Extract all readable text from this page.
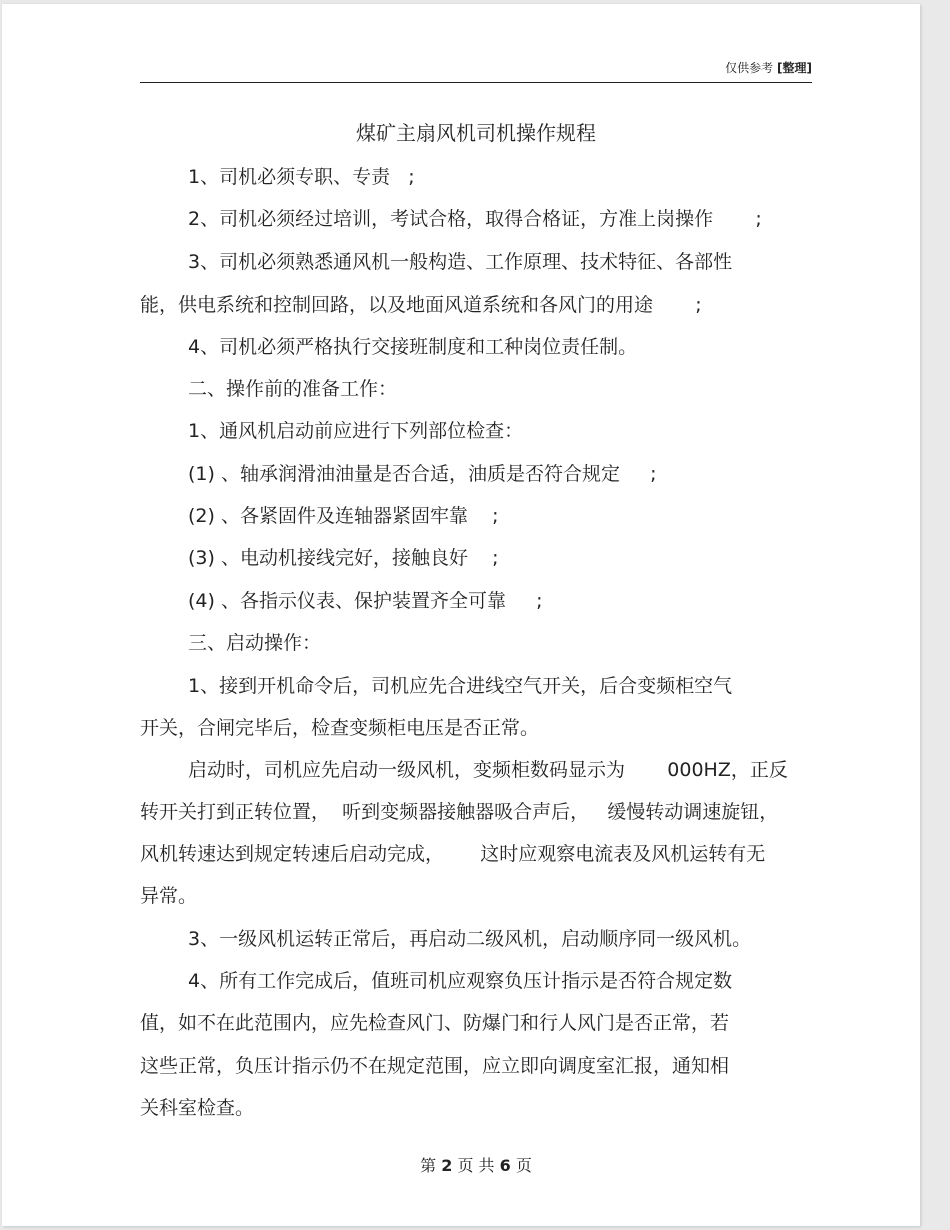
仅供参考 [整理]
煤矿主扇风机司机操作规程

1、司机必须专职、专责   ;

2、司机必须经过培训，考试合格，取得合格证，方准上岗操作       ;

3、司机必须熟悉通风机一般构造、工作原理、技术特征、各部性

能，供电系统和控制回路，以及地面风道系统和各风门的用途       ;

4、司机必须严格执行交接班制度和工种岗位责任制。

二、操作前的准备工作：

1、通风机启动前应进行下列部位检查：

(1) 、轴承润滑油油量是否合适，油质是否符合规定     ;

(2) 、各紧固件及连轴器紧固牢靠    ;

(3) 、电动机接线完好，接触良好    ;

(4) 、各指示仪表、保护装置齐全可靠     ;

三、启动操作：

1、接到开机命令后，司机应先合进线空气开关，后合变频柜空气

开关，合闸完毕后，检查变频柜电压是否正常。

启动时，司机应先启动一级风机，变频柜数码显示为       000HZ，正反

转开关打到正转位置，  听到变频器接触器吸合声后，   缓慢转动调速旋钮，

风机转速达到规定转速后启动完成，      这时应观察电流表及风机运转有无

异常。

3、一级风机运转正常后，再启动二级风机，启动顺序同一级风机。

4、所有工作完成后，值班司机应观察负压计指示是否符合规定数

值，如不在此范围内，应先检查风门、防爆门和行人风门是否正常，若

这些正常，负压计指示仍不在规定范围，应立即向调度室汇报，通知相

关科室检查。

第 2 页 共 6 页
